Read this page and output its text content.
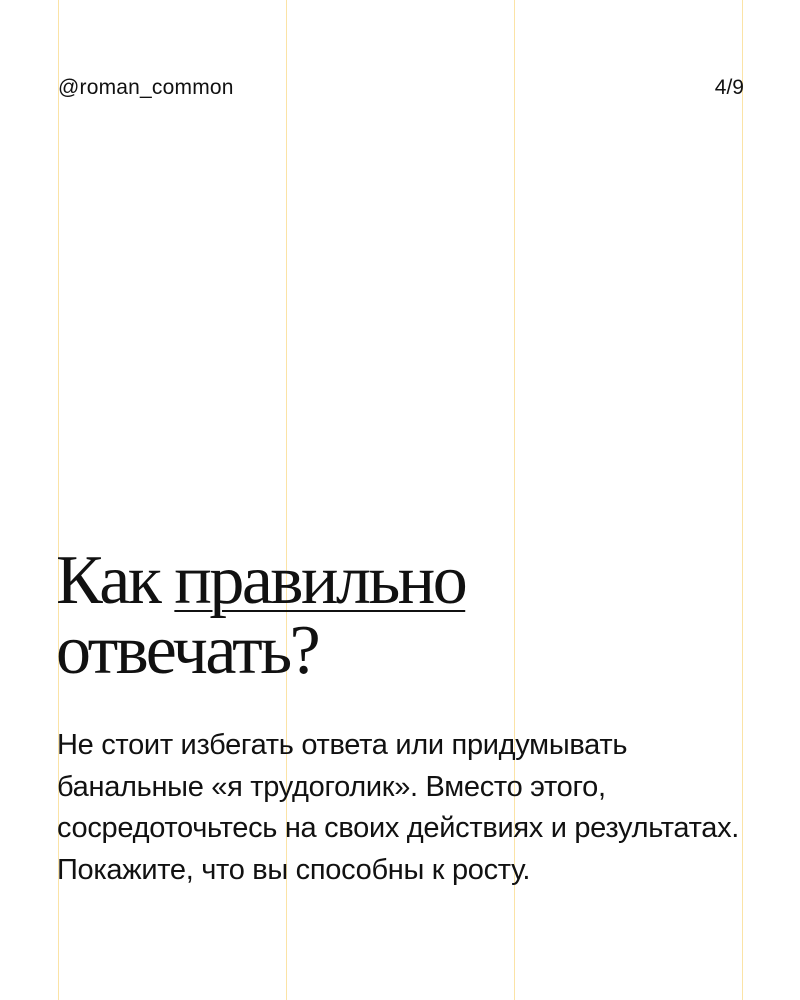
@roman_common	4/9
Как правильно
отвечать?

Не стоит избегать ответа или придумывать банальные «я трудоголик». Вместо этого, сосредоточьтесь на своих действиях и результатах. Покажите, что вы способны к росту.
